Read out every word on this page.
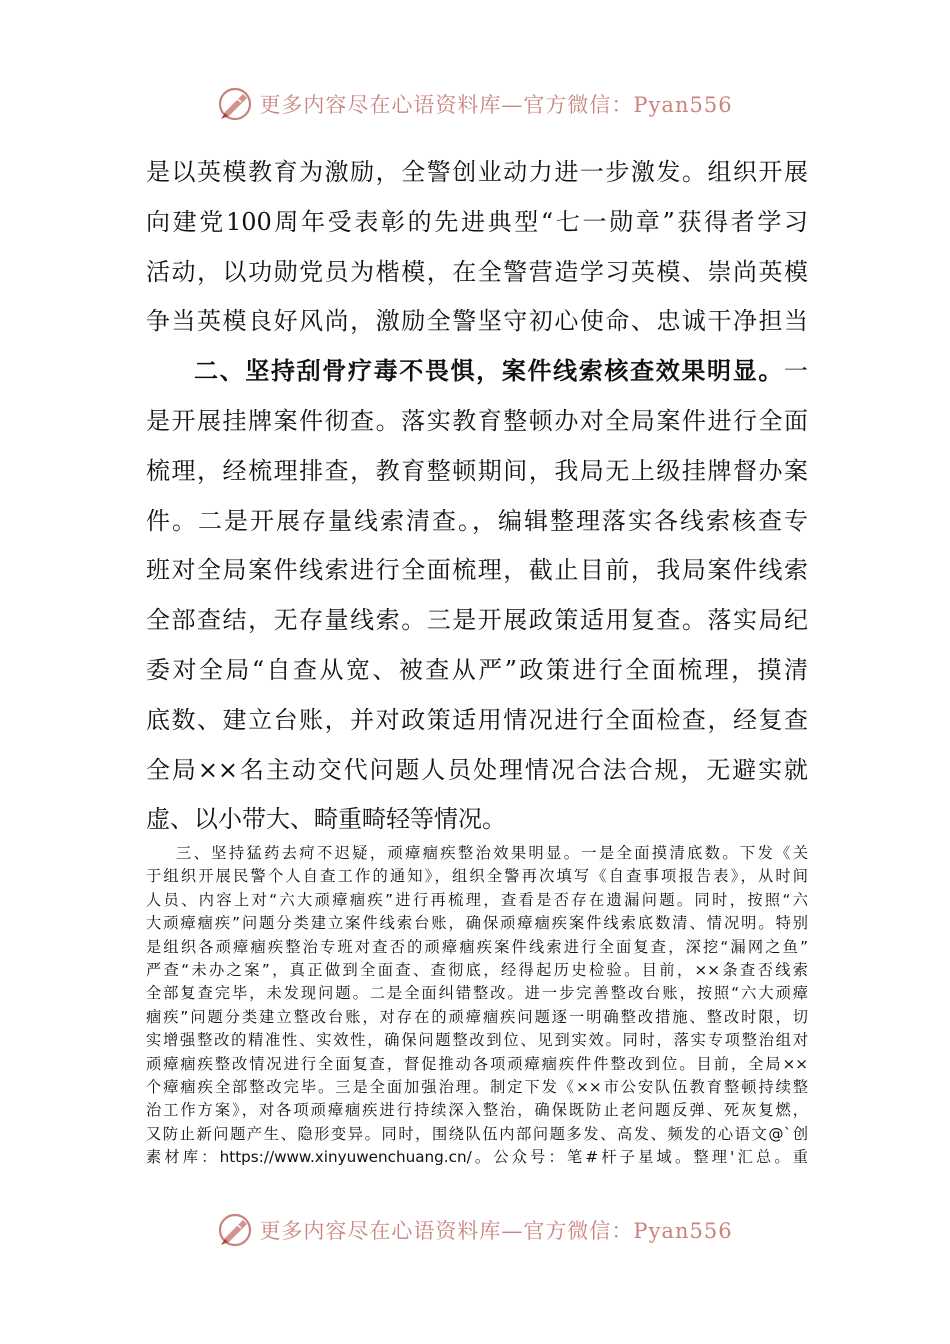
更多内容尽在心语资料库—官方微信：Pyan556
是以英模教育为激励，全警创业动力进一步激发。组织开展
向建党100周年受表彰的先进典型“七一勋章”获得者学习
活动，以功勋党员为楷模，在全警营造学习英模、崇尚英模
争当英模良好风尚，激励全警坚守初心使命、忠诚干净担当
二、坚持刮骨疗毒不畏惧，案件线索核查效果明显。一
是开展挂牌案件彻查。落实教育整顿办对全局案件进行全面
梳理，经梳理排查，教育整顿期间，我局无上级挂牌督办案
件。二是开展存量线索清查。，编辑整理落实各线索核查专
班对全局案件线索进行全面梳理，截止目前，我局案件线索
全部查结，无存量线索。三是开展政策适用复查。落实局纪
委对全局“自查从宽、被查从严”政策进行全面梳理，摸清
底数、建立台账，并对政策适用情况进行全面检查，经复查
全局××名主动交代问题人员处理情况合法合规，无避实就
虚、以小带大、畸重畸轻等情况。
三、坚持猛药去疴不迟疑，顽瘴痼疾整治效果明显。一是全面摸清底数。下发《关
于组织开展民警个人自查工作的通知》，组织全警再次填写《自查事项报告表》，从时间
人员、内容上对“六大顽瘴痼疾”进行再梳理，查看是否存在遗漏问题。同时，按照“六
大顽瘴痼疾”问题分类建立案件线索台账，确保顽瘴痼疾案件线索底数清、情况明。特别
是组织各顽瘴痼疾整治专班对查否的顽瘴痼疾案件线索进行全面复查，深挖“漏网之鱼”
严查“未办之案”，真正做到全面查、查彻底，经得起历史检验。目前，××条查否线索
全部复查完毕，未发现问题。二是全面纠错整改。进一步完善整改台账，按照“六大顽瘴
痼疾”问题分类建立整改台账，对存在的顽瘴痼疾问题逐一明确整改措施、整改时限，切
实增强整改的精准性、实效性，确保问题整改到位、见到实效。同时，落实专项整治组对
顽瘴痼疾整改情况进行全面复查，督促推动各项顽瘴痼疾件件整改到位。目前，全局××
个瘴痼疾全部整改完毕。三是全面加强治理。制定下发《××市公安队伍教育整顿持续整
治工作方案》，对各项顽瘴痼疾进行持续深入整治，确保既防止老问题反弹、死灰复燃，
又防止新问题产生、隐形变异。同时，围绕队伍内部问题多发、高发、频发的心语文@`创
素材库：https://www.xinyuwenchuang.cn/。公众号：笔#杆子星域。整理'汇总。重
更多内容尽在心语资料库—官方微信：Pyan556
